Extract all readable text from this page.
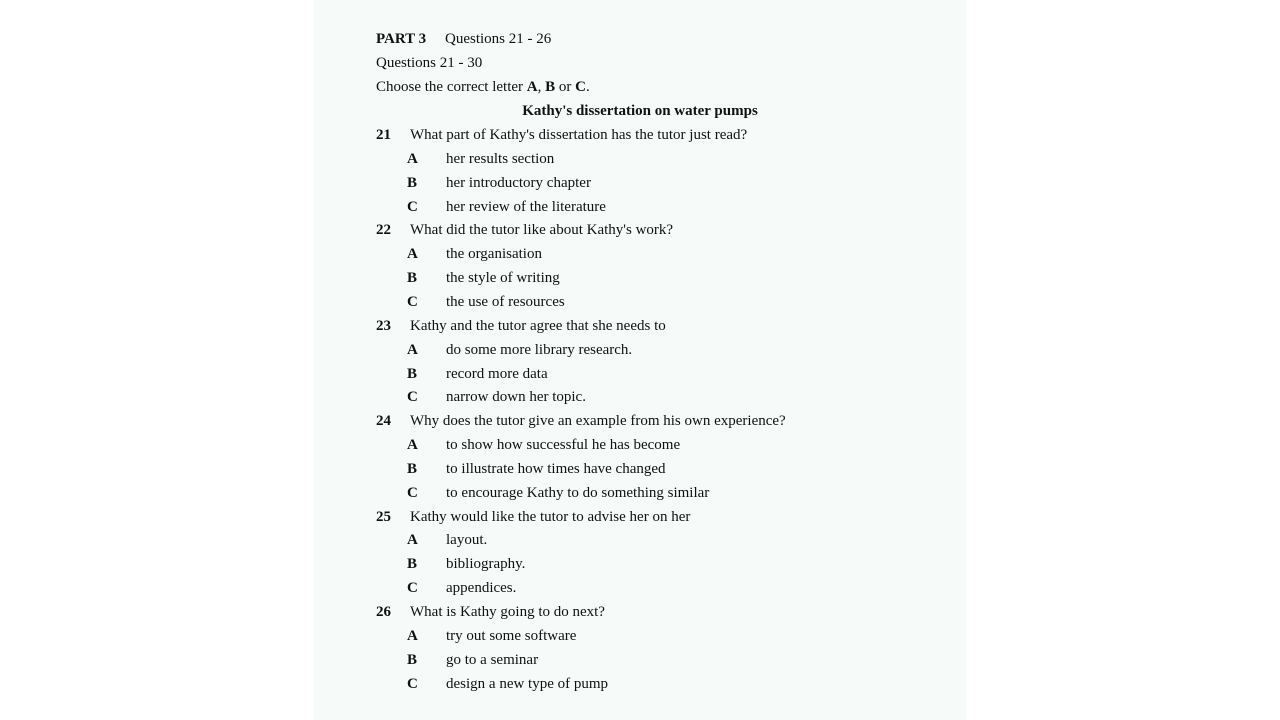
PART 3 Questions 21 - 26
Questions 21 - 30
Choose the correct letter A, B or C.
Kathy's dissertation on water pumps
21 What part of Kathy's dissertation has the tutor just read?
A her results section
B her introductory chapter
C her review of the literature
22 What did the tutor like about Kathy's work?
A the organisation
B the style of writing
C the use of resources
23 Kathy and the tutor agree that she needs to
A do some more library research.
B record more data
C narrow down her topic.
24 Why does the tutor give an example from his own experience?
A to show how successful he has become
B to illustrate how times have changed
C to encourage Kathy to do something similar
25 Kathy would like the tutor to advise her on her
A layout.
B bibliography.
C appendices.
26 What is Kathy going to do next?
A try out some software
B go to a seminar
C design a new type of pump
